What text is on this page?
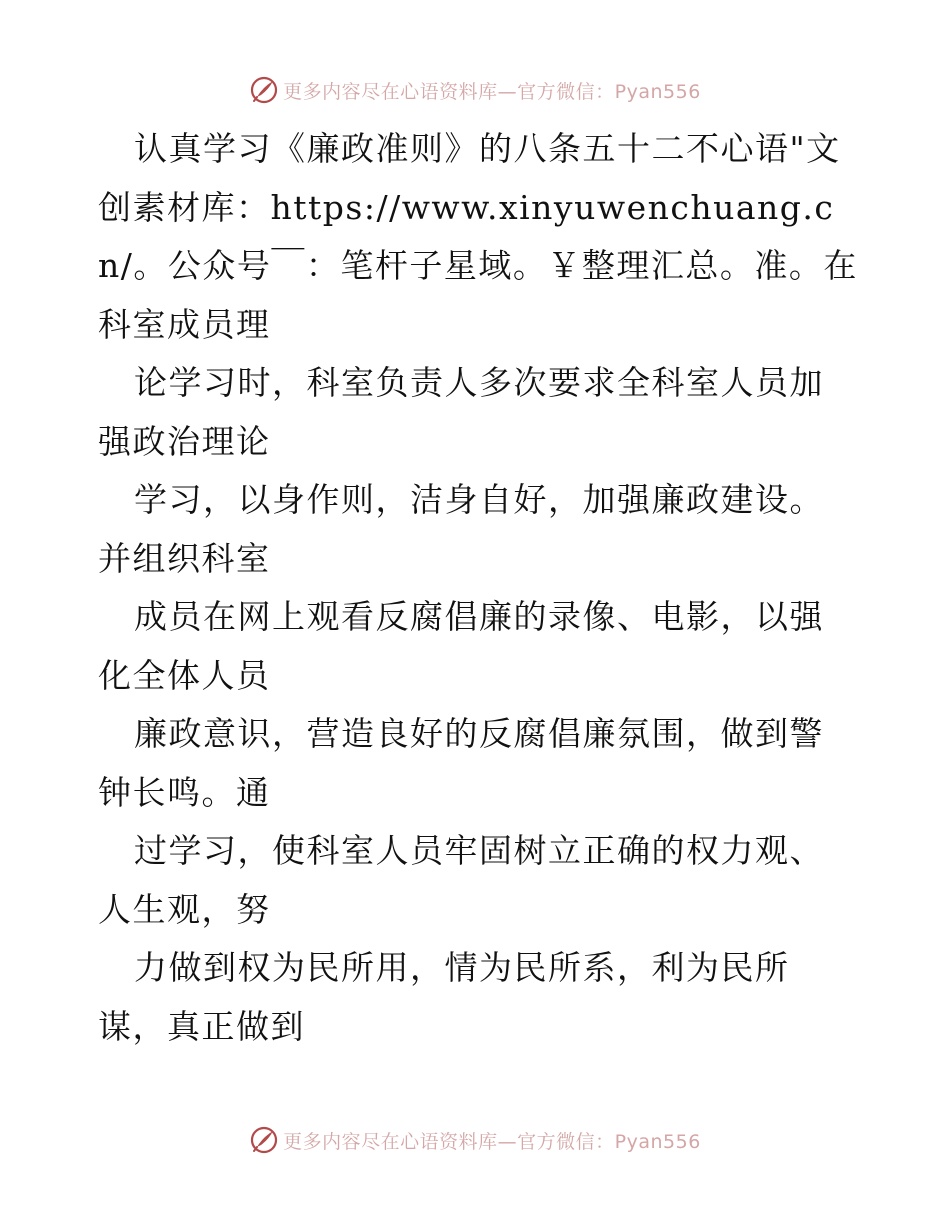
更多内容尽在心语资料库—官方微信：Pyan556

认真学习《廉政准则》的八条五十二不心语"文创素材库：https://www.xinyuwenchuang.cn/。公众号￣：笔杆子星域。￥整理汇总。准。在科室成员理

论学习时，科室负责人多次要求全科室人员加强政治理论

学习，以身作则，洁身自好，加强廉政建设。并组织科室

成员在网上观看反腐倡廉的录像、电影，以强化全体人员

廉政意识，营造良好的反腐倡廉氛围，做到警钟长鸣。通

过学习，使科室人员牢固树立正确的权力观、人生观，努

力做到权为民所用，情为民所系，利为民所谋，真正做到

更多内容尽在心语资料库—官方微信：Pyan556
